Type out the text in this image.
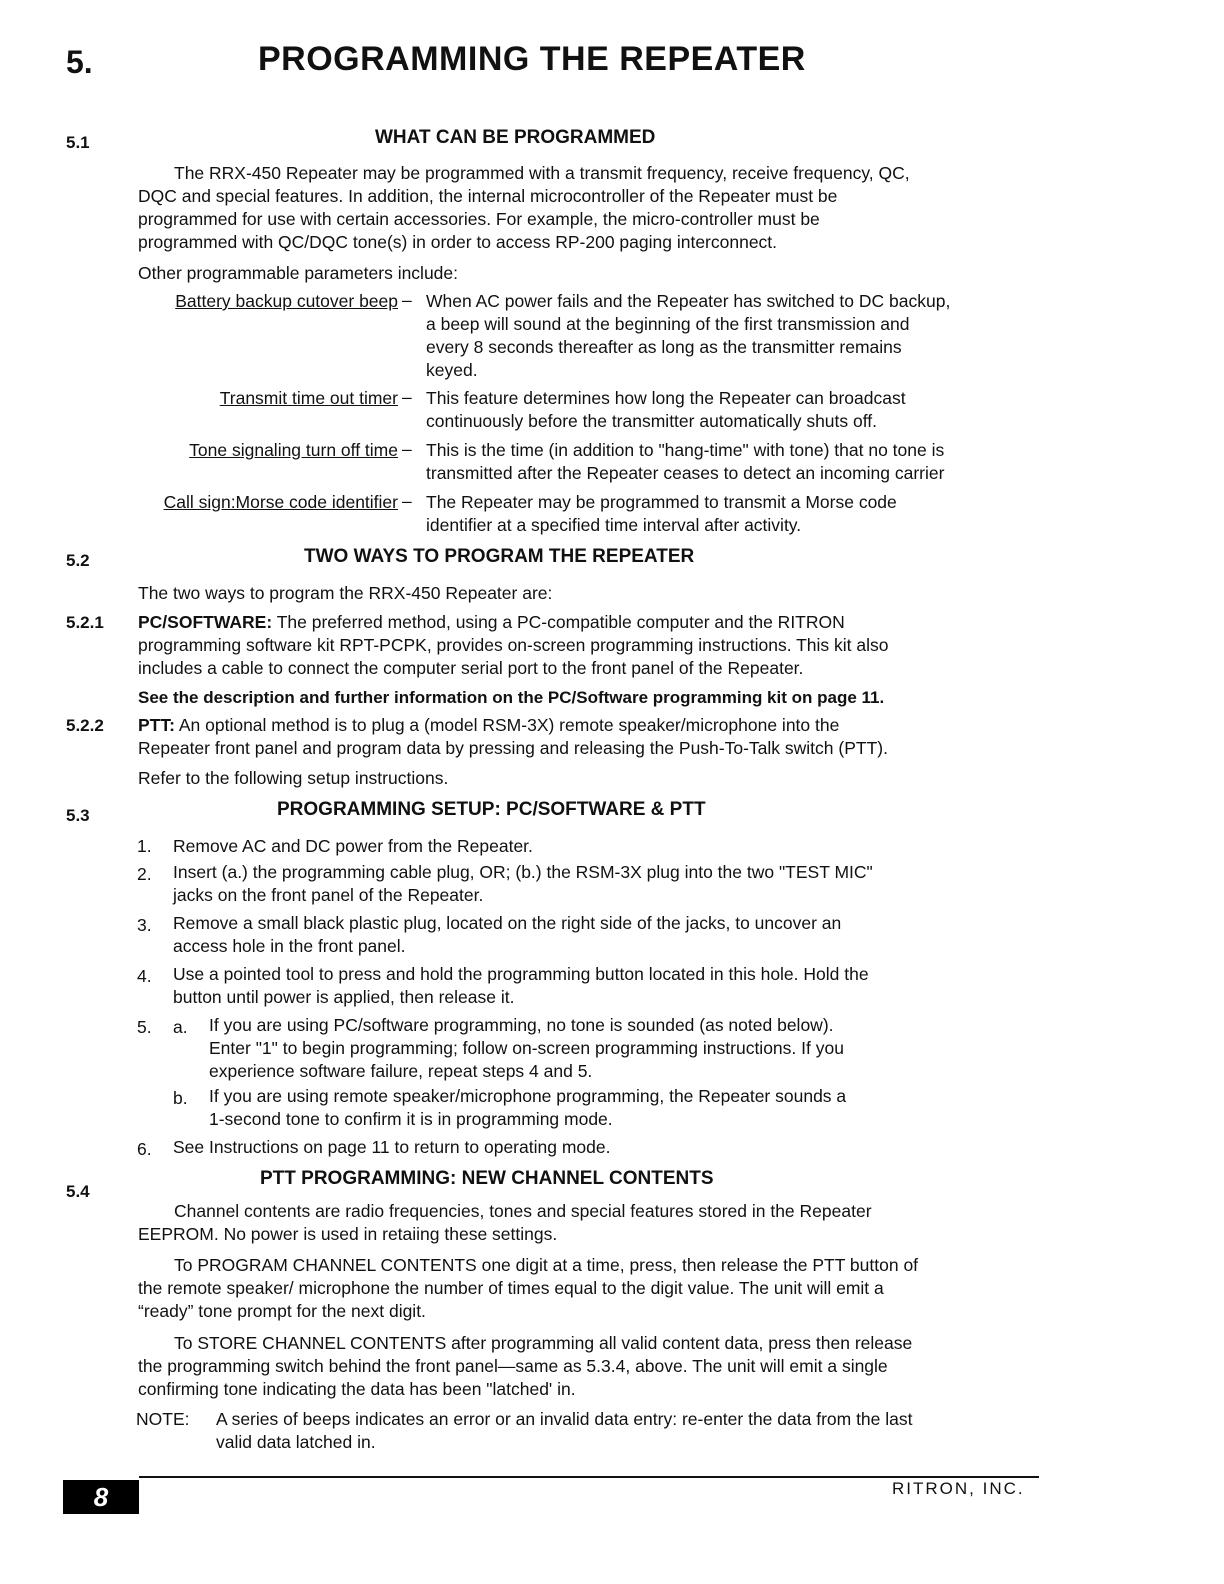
5.	PROGRAMMING THE REPEATER
5.1	WHAT CAN BE PROGRAMMED
The RRX-450 Repeater may be programmed with a transmit frequency, receive frequency, QC,
DQC and special features. In addition, the internal microcontroller of the Repeater must be
programmed for use with certain accessories. For example, the micro-controller must be
programmed with QC/DQC tone(s) in order to access RP-200 paging interconnect.
Other programmable parameters include:
Battery backup cutover beep – When AC power fails and the Repeater has switched to DC backup,
a beep will sound at the beginning of the first transmission and
every 8 seconds thereafter as long as the transmitter remains
keyed.
Transmit time out timer – This feature determines how long the Repeater can broadcast
continuously before the transmitter automatically shuts off.
Tone signaling turn off time – This is the time (in addition to "hang-time" with tone) that no tone is
transmitted after the Repeater ceases to detect an incoming carrier
Call sign:Morse code identifier – The Repeater may be programmed to transmit a Morse code
identifier at a specified time interval after activity.
5.2	TWO WAYS TO PROGRAM THE REPEATER
The two ways to program the RRX-450 Repeater are:
5.2.1 PC/SOFTWARE: The preferred method, using a PC-compatible computer and the RITRON
programming software kit RPT-PCPK, provides on-screen programming instructions. This kit also
includes a cable to connect the computer serial port to the front panel of the Repeater.
See the description and further information on the PC/Software programming kit on page 11.
5.2.2 PTT: An optional method is to plug a (model RSM-3X) remote speaker/microphone into the
Repeater front panel and program data by pressing and releasing the Push-To-Talk switch (PTT).
Refer to the following setup instructions.
5.3	PROGRAMMING SETUP: PC/SOFTWARE & PTT
1. Remove AC and DC power from the Repeater.
2. Insert (a.) the programming cable plug, OR; (b.) the RSM-3X plug into the two "TEST MIC"
jacks on the front panel of the Repeater.
3. Remove a small black plastic plug, located on the right side of the jacks, to uncover an
access hole in the front panel.
4. Use a pointed tool to press and hold the programming button located in this hole. Hold the
button until power is applied, then release it.
5. a. If you are using PC/software programming, no tone is sounded (as noted below).
Enter "1" to begin programming; follow on-screen programming instructions. If you
experience software failure, repeat steps 4 and 5.
b. If you are using remote speaker/microphone programming, the Repeater sounds a
1-second tone to confirm it is in programming mode.
6. See Instructions on page 11 to return to operating mode.
5.4
PTT PROGRAMMING: NEW CHANNEL CONTENTS
Channel contents are radio frequencies, tones and special features stored in the Repeater
EEPROM. No power is used in retaiing these settings.
To PROGRAM CHANNEL CONTENTS one digit at a time, press, then release the PTT button of
the remote speaker/ microphone the number of times equal to the digit value. The unit will emit a
“ready” tone prompt for the next digit.
To STORE CHANNEL CONTENTS after programming all valid content data, press then release
the programming switch behind the front panel—same as 5.3.4, above. The unit will emit a single
confirming tone indicating the data has been "latched' in.
NOTE: A series of beeps indicates an error or an invalid data entry: re-enter the data from the last
valid data latched in.
8	RITRON, INC.
